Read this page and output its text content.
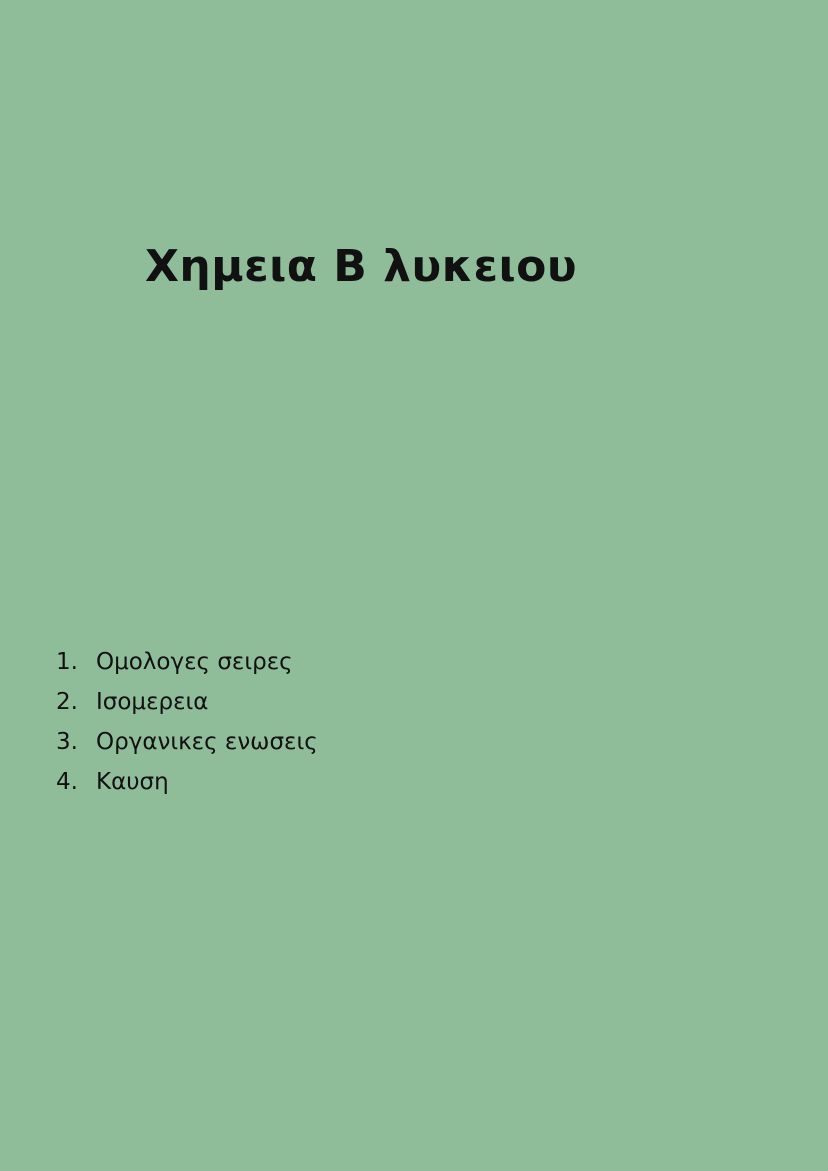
Χημεια Β λυκειου
1. Ομολογες σειρες
2. Ισομερεια
3. Οργανικες ενωσεις
4. Καυση
